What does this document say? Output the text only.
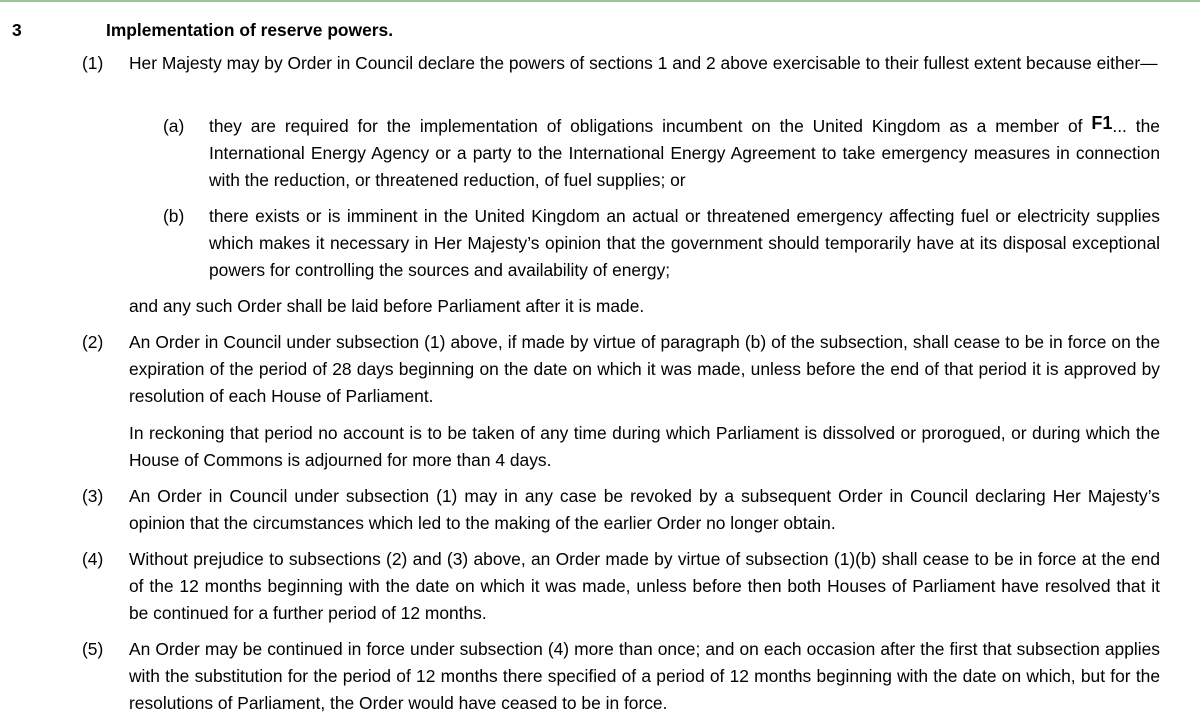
3	Implementation of reserve powers.
(1) Her Majesty may by Order in Council declare the powers of sections 1 and 2 above exercisable to their fullest extent because either—
(a) they are required for the implementation of obligations incumbent on the United Kingdom as a member of F1... the International Energy Agency or a party to the International Energy Agreement to take emergency measures in connection with the reduction, or threatened reduction, of fuel supplies; or
(b) there exists or is imminent in the United Kingdom an actual or threatened emergency affecting fuel or electricity supplies which makes it necessary in Her Majesty’s opinion that the government should temporarily have at its disposal exceptional powers for controlling the sources and availability of energy;
and any such Order shall be laid before Parliament after it is made.
(2) An Order in Council under subsection (1) above, if made by virtue of paragraph (b) of the subsection, shall cease to be in force on the expiration of the period of 28 days beginning on the date on which it was made, unless before the end of that period it is approved by resolution of each House of Parliament.
In reckoning that period no account is to be taken of any time during which Parliament is dissolved or prorogued, or during which the House of Commons is adjourned for more than 4 days.
(3) An Order in Council under subsection (1) may in any case be revoked by a subsequent Order in Council declaring Her Majesty’s opinion that the circumstances which led to the making of the earlier Order no longer obtain.
(4) Without prejudice to subsections (2) and (3) above, an Order made by virtue of subsection (1)(b) shall cease to be in force at the end of the 12 months beginning with the date on which it was made, unless before then both Houses of Parliament have resolved that it be continued for a further period of 12 months.
(5) An Order may be continued in force under subsection (4) more than once; and on each occasion after the first that subsection applies with the substitution for the period of 12 months there specified of a period of 12 months beginning with the date on which, but for the resolutions of Parliament, the Order would have ceased to be in force.
